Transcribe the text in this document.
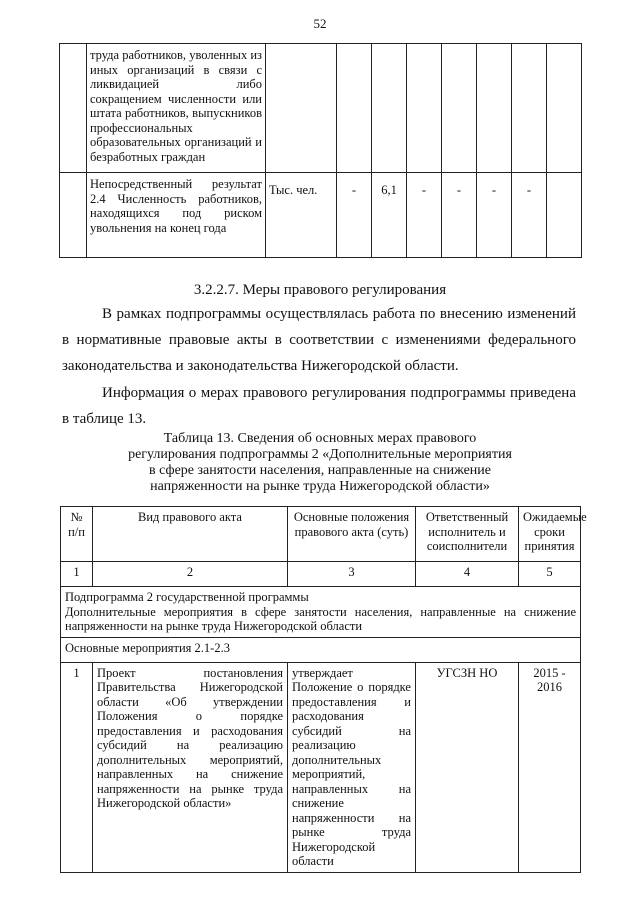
52
	труда работников, уволенных из иных организаций в связи с ликвидацией либо сокращением численности или штата работников, выпускников профессиональных образовательных организаций и безработных граждан								
	Непосредственный результат 2.4 Численность работников, находящихся под риском увольнения на конец года	Тыс. чел.	-	6,1	-	-	-	-	
3.2.2.7. Меры правового регулирования

В рамках подпрограммы осуществлялась работа по внесению изменений в нормативные правовые акты в соответствии с изменениями федерального законодательства и законодательства Нижегородской области.

Информация о мерах правового регулирования подпрограммы приведена в таблице 13.

Таблица 13. Сведения об основных мерах правового
регулирования подпрограммы 2 «Дополнительные мероприятия
в сфере занятости населения, направленные на снижение
напряженности на рынке труда Нижегородской области»
№ п/п	Вид правового акта	Основные положения правового акта (суть)	Ответственный исполнитель и соисполнители	Ожидаемые сроки принятия
1	2	3	4	5

Подпрограмма 2 государственной программы
Дополнительные мероприятия в сфере занятости населения, направленные на снижение напряженности на рынке труда Нижегородской области				

Основные мероприятия 2.1-2.3				
1	Проект постановления Правительства Нижегородской области «Об утверждении Положения о порядке предоставления и расходования субсидий на реализацию дополнительных мероприятий, направленных на снижение напряженности на рынке труда Нижегородской области»	утверждает Положение о порядке предоставления и расходования субсидий на реализацию дополнительных мероприятий, направленных на снижение напряженности на рынке труда Нижегородской области	УГСЗН НО	2015 - 2016
